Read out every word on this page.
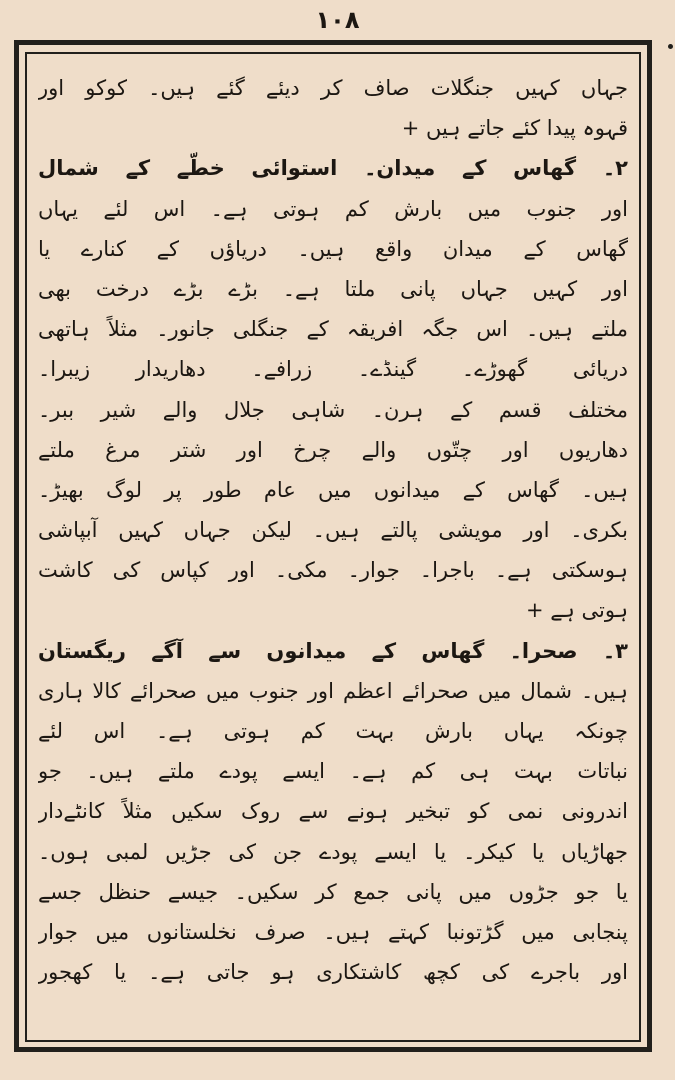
۱۰۸
جہاں کہیں جنگلات صاف کر دیئے گئے ہیں۔ کوکو اور
قہوہ پیدا کئے جاتے ہیں +
۲۔ گھاس کے میدان۔ استوائی خطّے کے شمال
اور جنوب میں بارش کم ہوتی ہے۔ اس لئے یہاں
گھاس کے میدان واقع ہیں۔ دریاؤں کے کنارے یا
اور کہیں جہاں پانی ملتا ہے۔ بڑے بڑے درخت بھی
ملتے ہیں۔ اس جگہ افریقہ کے جنگلی جانور۔ مثلاً ہاتھی
دریائی گھوڑے۔ گینڈے۔ زرافے۔ دھاریدار زیبرا۔
مختلف قسم کے ہرن۔ شاہی جلال والے شیر ببر۔
دھاریوں اور چتّوں والے چرخ اور شتر مرغ ملتے
ہیں۔ گھاس کے میدانوں میں عام طور پر لوگ بھیڑ۔
بکری۔ اور مویشی پالتے ہیں۔ لیکن جہاں کہیں آبپاشی
ہوسکتی ہے۔ باجرا۔ جوار۔ مکی۔ اور کپاس کی کاشت
ہوتی ہے +
۳۔ صحرا۔ گھاس کے میدانوں سے آگے ریگستان
ہیں۔ شمال میں صحرائے اعظم اور جنوب میں صحرائے کالا ہاری
چونکہ یہاں بارش بہت کم ہوتی ہے۔ اس لئے
نباتات بہت ہی کم ہے۔ ایسے پودے ملتے ہیں۔ جو
اندرونی نمی کو تبخیر ہونے سے روک سکیں مثلاً کانٹےدار
جھاڑیاں یا کیکر۔ یا ایسے پودے جن کی جڑیں لمبی ہوں۔
یا جو جڑوں میں پانی جمع کر سکیں۔ جیسے حنظل جسے
پنجابی میں گڑتونبا کہتے ہیں۔ صرف نخلستانوں میں جوار
اور باجرے کی کچھ کاشتکاری ہو جاتی ہے۔ یا کھجور
